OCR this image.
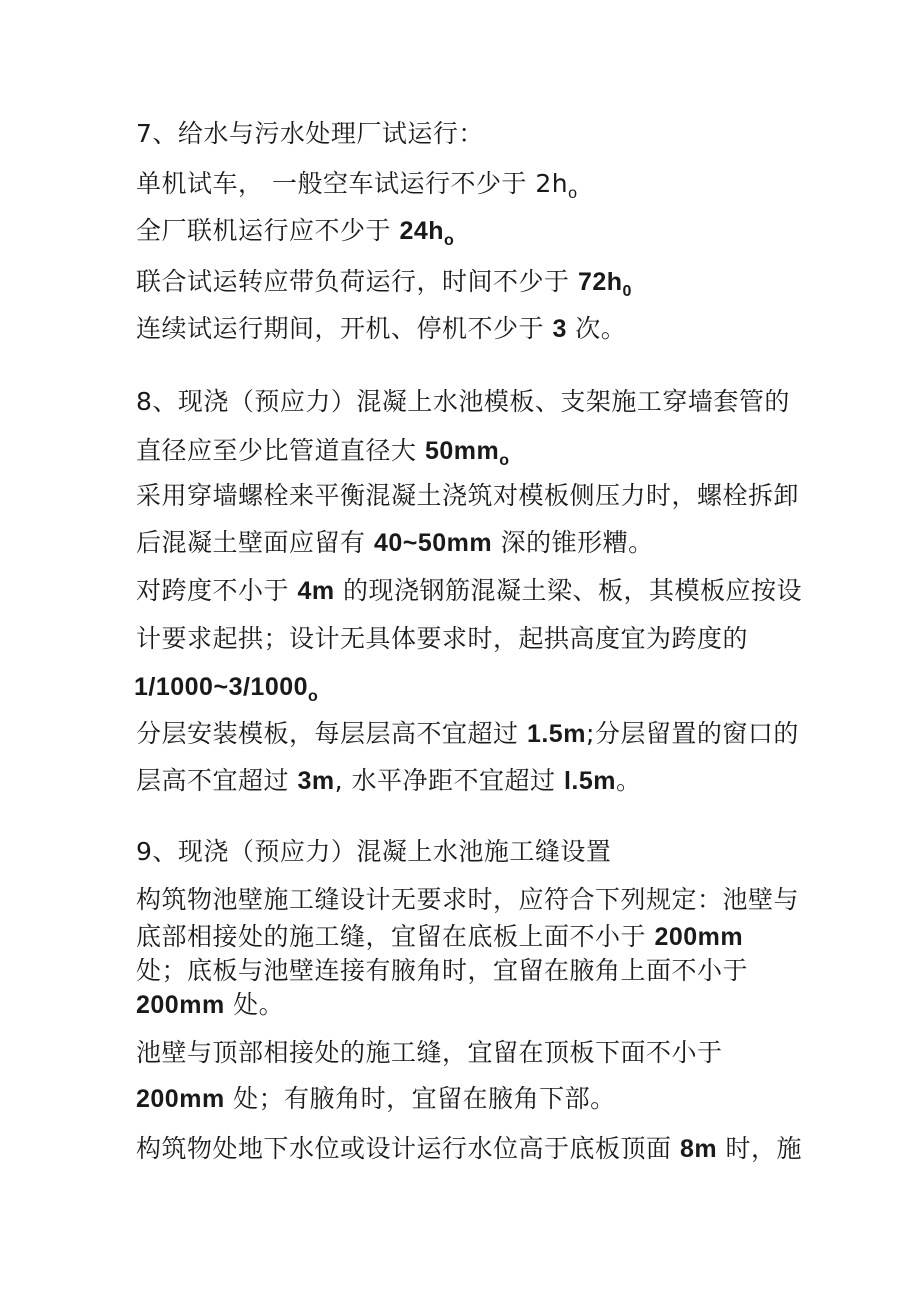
7、给水与污水处理厂试运行：
单机试车， 一般空车试运行不少于 $2h_o$
全厂联机运行应不少于 $24h_o$
联合试运转应带负荷运行，时间不少于 $72h_0$
连续试运行期间，开机、停机不少于 3 次。
8、现浇（预应力）混凝上水池模板、支架施工穿墙套管的
直径应至少比管道直径大 $50mm_o$
采用穿墙螺栓来平衡混凝土浇筑对模板侧压力时，螺栓拆卸
后混凝土壁面应留有 40~50mm 深的锥形糟。
对跨度不小于 4m 的现浇钢筋混凝土梁、板，其模板应按设
计要求起拱；设计无具体要求时，起拱高度宜为跨度的
$1/1000\sim 3/1000_o$
分层安装模板，每层层高不宜超过 1.5m;分层留置的窗口的
层高不宜超过 3m, 水平净距不宜超过 l.5m。
9、现浇（预应力）混凝上水池施工缝设置
构筑物池壁施工缝设计无要求时，应符合下列规定：池壁与
底部相接处的施工缝，宜留在底板上面不小于 200mm
处；底板与池壁连接有腋角时，宜留在腋角上面不小于
200mm 处。
池壁与顶部相接处的施工缝，宜留在顶板下面不小于
200mm 处；有腋角时，宜留在腋角下部。
构筑物处地下水位或设计运行水位高于底板顶面 8m 时，施
